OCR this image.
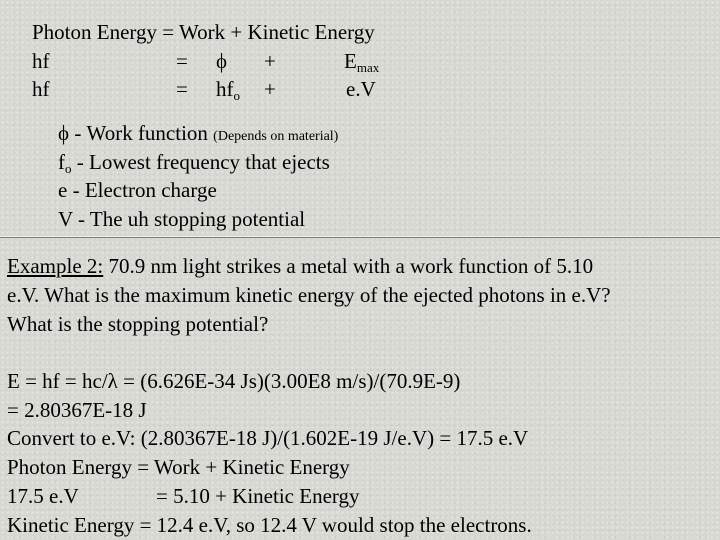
Photon Energy = Work + Kinetic Energy
hf	= ϕ +	$E_{max}$
hf	= $hf_o$ +	e.V
ϕ - Work function (Depends on material)
$f_o$ - Lowest frequency that ejects
e - Electron charge
V - The uh stopping potential
Example 2: 70.9 nm light strikes a metal with a work function of 5.10
e.V. What is the maximum kinetic energy of the ejected photons in e.V?
What is the stopping potential?
E = hf = hc/λ = (6.626E-34 Js)(3.00E8 m/s)/(70.9E-9)
= 2.80367E-18 J
Convert to e.V: (2.80367E-18 J)/(1.602E-19 J/e.V) = 17.5 e.V
Photon Energy = Work + Kinetic Energy
17.5 e.V	= 5.10 + Kinetic Energy
Kinetic Energy = 12.4 e.V, so 12.4 V would stop the electrons.
